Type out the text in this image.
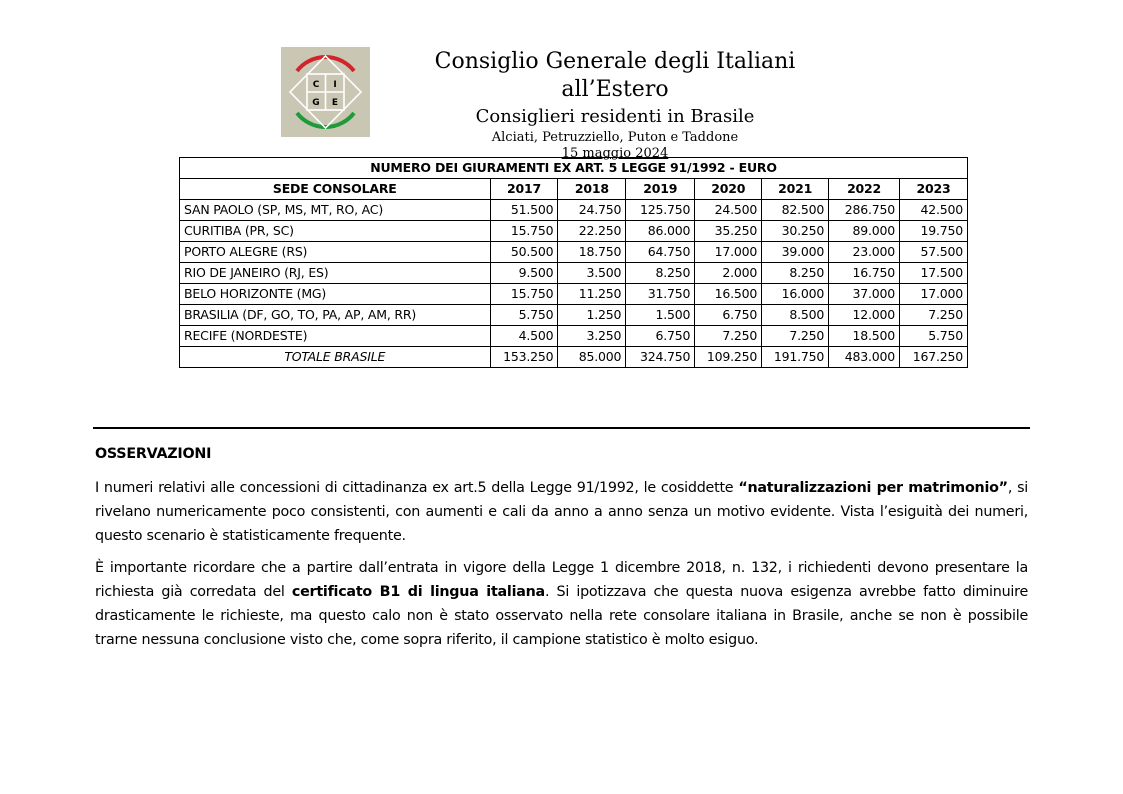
C I
G E
Consiglio Generale degli Italiani all’Estero
Consiglieri residenti in Brasile
Alciati, Petruzziello, Puton e Taddone
15 maggio 2024
NUMERO DEI GIURAMENTI EX ART. 5 LEGGE 91/1992 - EURO							
SEDE CONSOLARE	2017	2018	2019	2020	2021	2022	2023
SAN PAOLO (SP, MS, MT, RO, AC)	51.500	24.750	125.750	24.500	82.500	286.750	42.500
CURITIBA (PR, SC)	15.750	22.250	86.000	35.250	30.250	89.000	19.750
PORTO ALEGRE (RS)	50.500	18.750	64.750	17.000	39.000	23.000	57.500
RIO DE JANEIRO (RJ, ES)	9.500	3.500	8.250	2.000	8.250	16.750	17.500
BELO HORIZONTE (MG)	15.750	11.250	31.750	16.500	16.000	37.000	17.000
BRASILIA (DF, GO, TO, PA, AP, AM, RR)	5.750	1.250	1.500	6.750	8.500	12.000	7.250
RECIFE (NORDESTE)	4.500	3.250	6.750	7.250	7.250	18.500	5.750
TOTALE BRASILE	153.250	85.000	324.750	109.250	191.750	483.000	167.250
OSSERVAZIONI

I numeri relativi alle concessioni di cittadinanza ex art.5 della Legge 91/1992, le cosiddette “naturalizzazioni per matrimonio”, si rivelano numericamente poco consistenti, con aumenti e cali da anno a anno senza un motivo evidente. Vista l’esiguità dei numeri, questo scenario è statisticamente frequente.

È importante ricordare che a partire dall’entrata in vigore della Legge 1 dicembre 2018, n. 132, i richiedenti devono presentare la richiesta già corredata del certificato B1 di lingua italiana. Si ipotizzava che questa nuova esigenza avrebbe fatto diminuire drasticamente le richieste, ma questo calo non è stato osservato nella rete consolare italiana in Brasile, anche se non è possibile trarne nessuna conclusione visto che, come sopra riferito, il campione statistico è molto esiguo.
